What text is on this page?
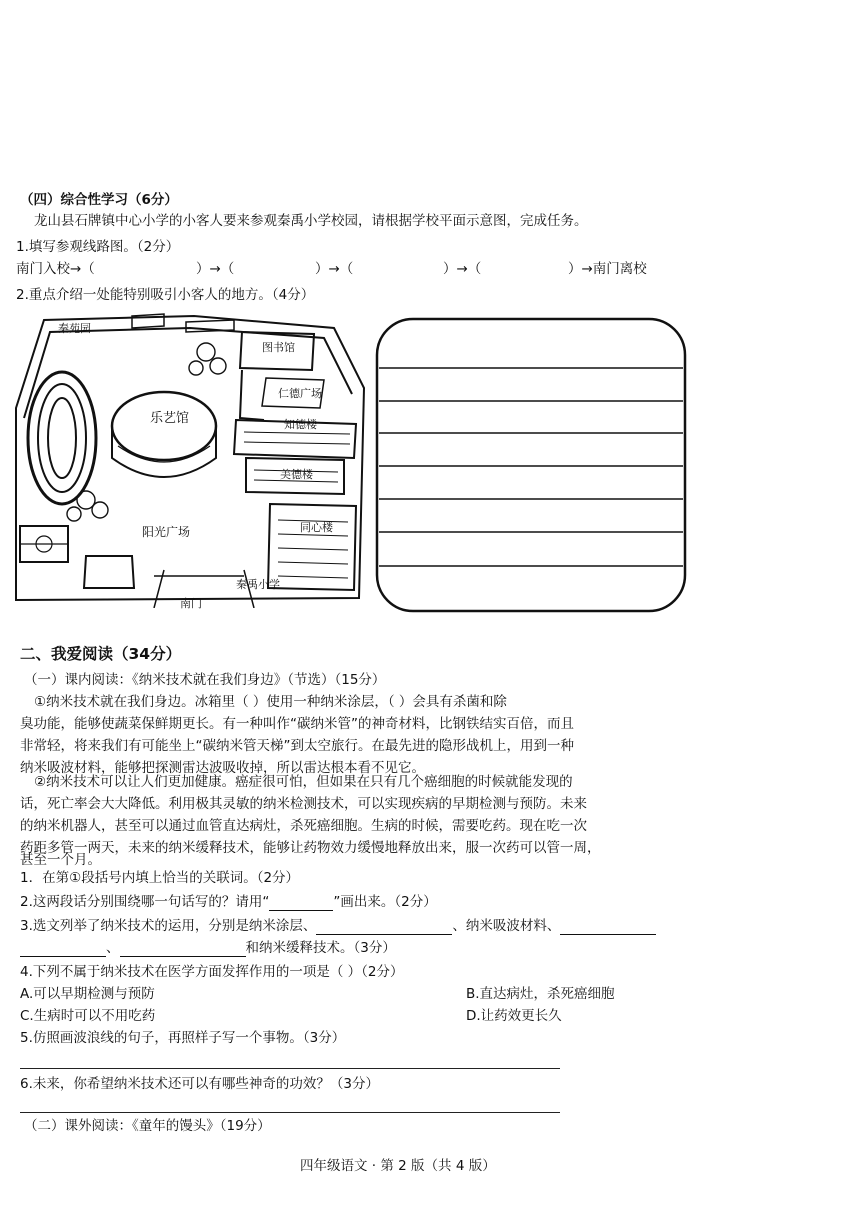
（四）综合性学习（6分）
龙山县石牌镇中心小学的小客人要来参观秦禹小学校园，请根据学校平面示意图，完成任务。
1.填写参观线路图。（2分）
南门入校→（	）→（	）→（	）→（	）→南门离校
2.重点介绍一处能特别吸引小客人的地方。（4分）
秦苑园
图书馆
仁德广场
乐艺馆	知德楼
美德楼
阳光广场	同心楼
秦禹小学
南门
二、我爱阅读（34分）
（一）课内阅读：《纳米技术就在我们身边》（节选）（15分）
①纳米技术就在我们身边。冰箱里（ ）使用一种纳米涂层，（ ）会具有杀菌和除
臭功能，能够使蔬菜保鲜期更长。有一种叫作“碳纳米管”的神奇材料，比钢铁结实百倍，而且
非常轻，将来我们有可能坐上“碳纳米管天梯”到太空旅行。在最先进的隐形战机上，用到一种
纳米吸波材料，能够把探测雷达波吸收掉，所以雷达根本看不见它。
②纳米技术可以让人们更加健康。癌症很可怕，但如果在只有几个癌细胞的时候就能发现的
话，死亡率会大大降低。利用极其灵敏的纳米检测技术，可以实现疾病的早期检测与预防。未来
的纳米机器人，甚至可以通过血管直达病灶，杀死癌细胞。生病的时候，需要吃药。现在吃一次
药距多管一两天，未来的纳米缓释技术，能够让药物效力缓慢地释放出来，服一次药可以管一周，
甚至一个月。
1．在第①段括号内填上恰当的关联词。（2分）
2.这两段话分别围绕哪一句话写的？请用“	”画出来。（2分）
3.选文列举了纳米技术的运用，分别是纳米涂层、	、纳米吸波材料、
、	和纳米缓释技术。（3分）
4.下列不属于纳米技术在医学方面发挥作用的一项是（ ）（2分）
A.可以早期检测与预防	B.直达病灶，杀死癌细胞
C.生病时可以不用吃药	D.让药效更长久
5.仿照画波浪线的句子，再照样子写一个事物。（3分）
6.未来，你希望纳米技术还可以有哪些神奇的功效？（3分）
（二）课外阅读：《童年的馒头》（19分）
四年级语文 · 第 2 版（共 4 版）
